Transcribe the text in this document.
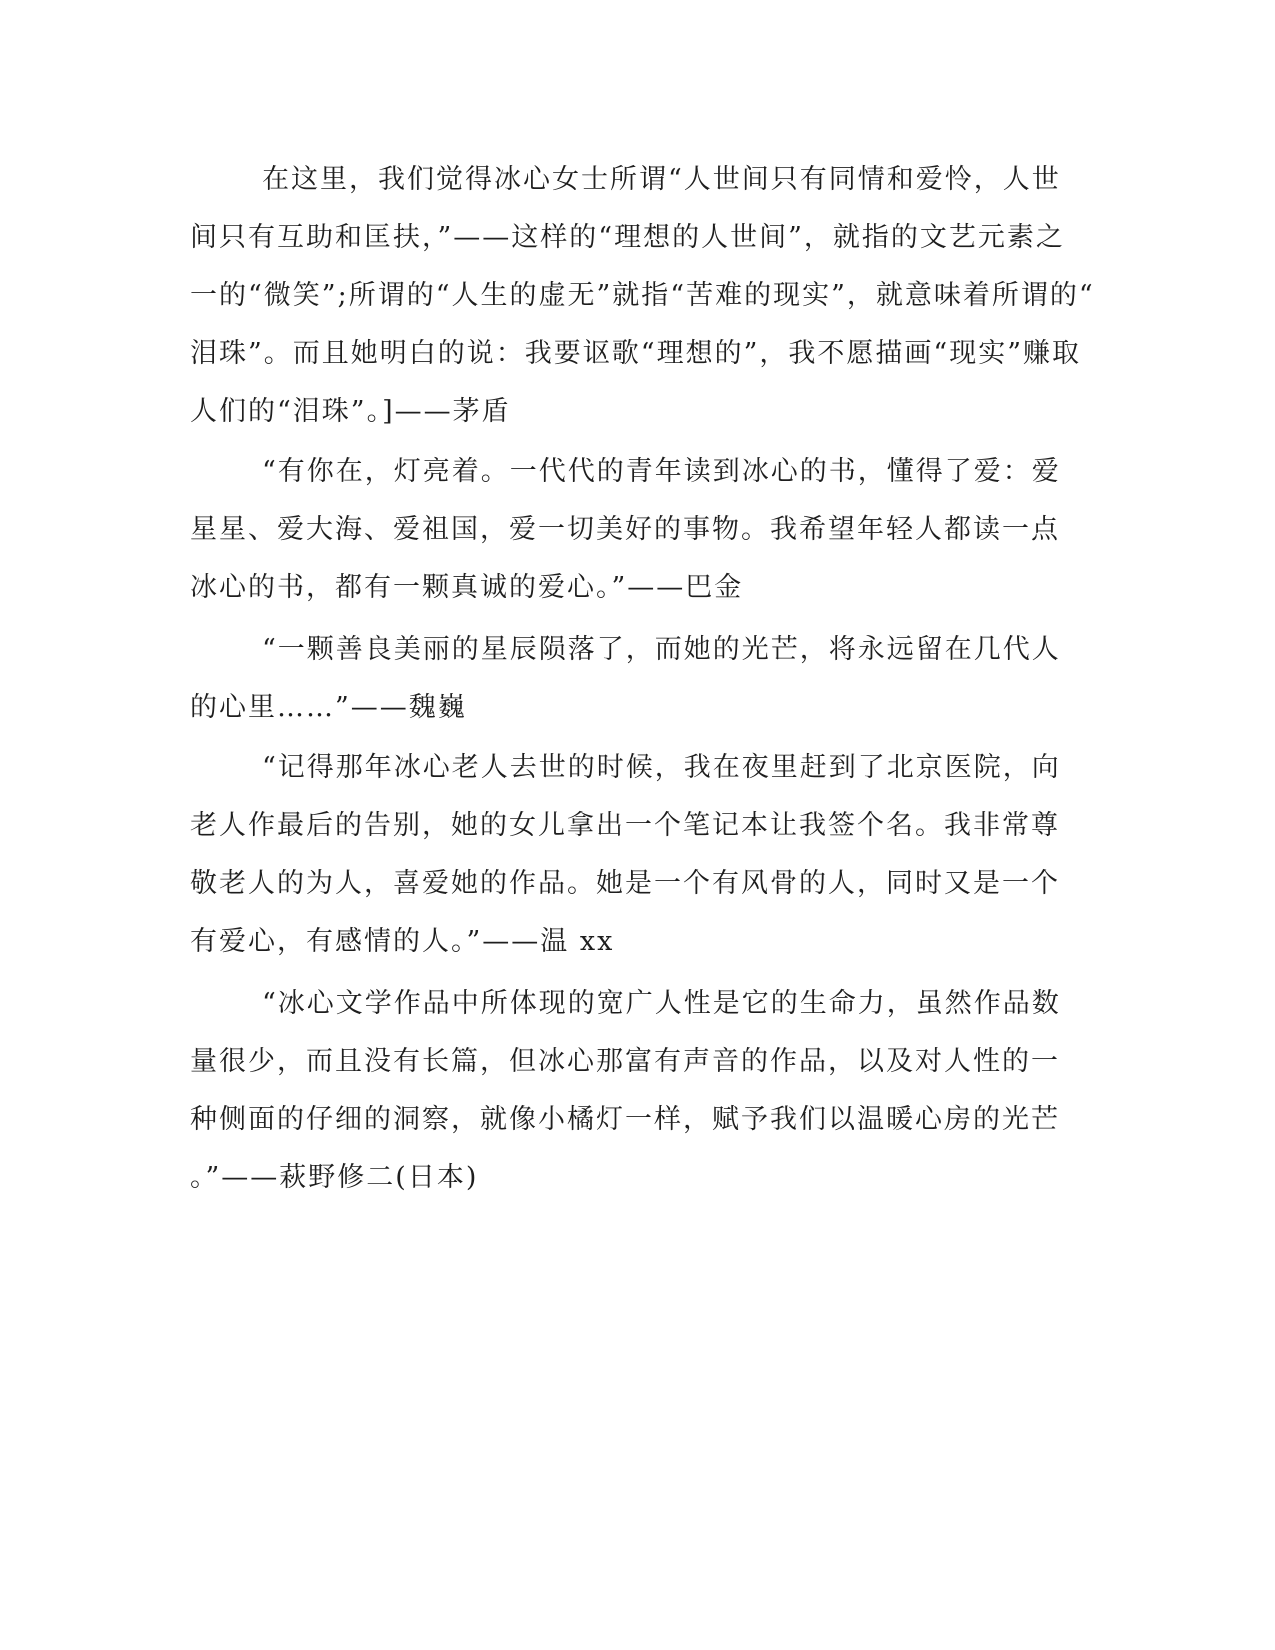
在这里，我们觉得冰心女士所谓“人世间只有同情和爱怜，人世
间只有互助和匡扶，”——这样的“理想的人世间”，就指的文艺元素之
一的“微笑”;所谓的“人生的虚无”就指“苦难的现实”，就意味着所谓的“
泪珠”。而且她明白的说：我要讴歌“理想的”，我不愿描画“现实”赚取
人们的“泪珠”。]——茅盾
“有你在，灯亮着。一代代的青年读到冰心的书，懂得了爱：爱
星星、爱大海、爱祖国，爱一切美好的事物。我希望年轻人都读一点
冰心的书，都有一颗真诚的爱心。”——巴金
“一颗善良美丽的星辰陨落了，而她的光芒，将永远留在几代人
的心里……”——魏巍
“记得那年冰心老人去世的时候，我在夜里赶到了北京医院，向
老人作最后的告别，她的女儿拿出一个笔记本让我签个名。我非常尊
敬老人的为人，喜爱她的作品。她是一个有风骨的人，同时又是一个
有爱心，有感情的人。”——温 xx
“冰心文学作品中所体现的宽广人性是它的生命力，虽然作品数
量很少，而且没有长篇，但冰心那富有声音的作品，以及对人性的一
种侧面的仔细的洞察，就像小橘灯一样，赋予我们以温暖心房的光芒
。”——萩野修二(日本)
